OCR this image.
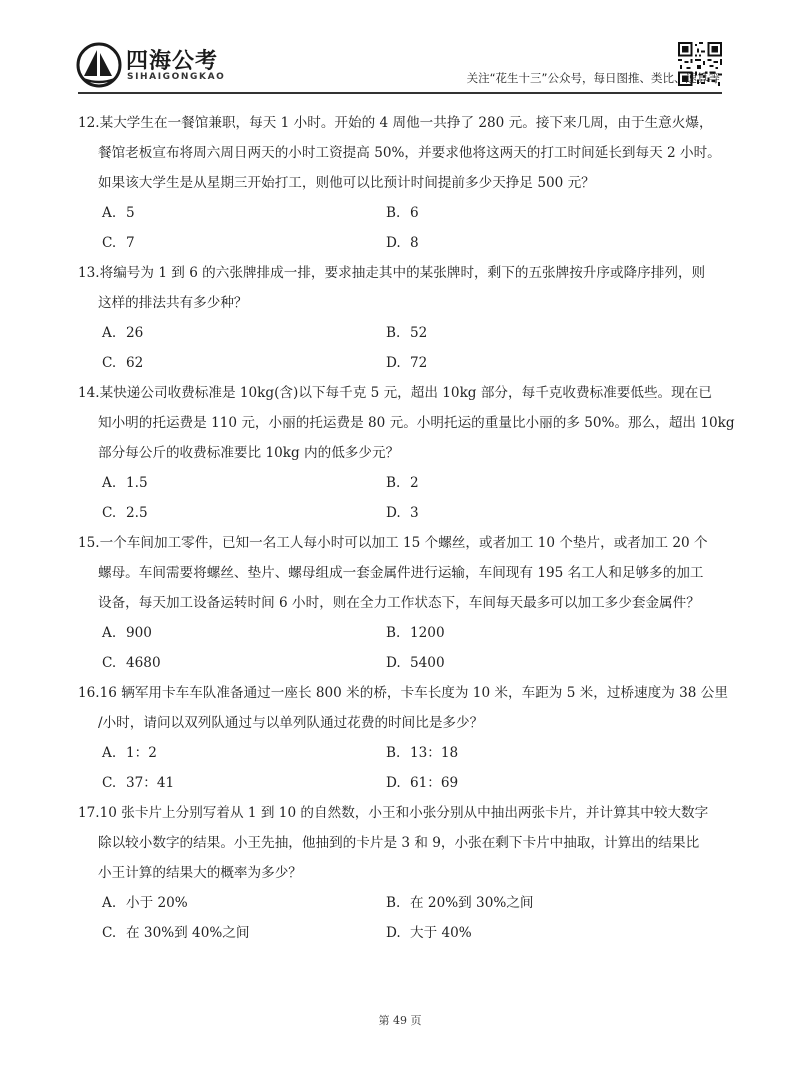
四海公考
SIHAIGONGKAO	关注“花生十三”公众号，每日图推、类比、速算等
12.某大学生在一餐馆兼职，每天 1 小时。开始的 4 周他一共挣了 280 元。接下来几周，由于生意火爆，
餐馆老板宣布将周六周日两天的小时工资提高 50%，并要求他将这两天的打工时间延长到每天 2 小时。
如果该大学生是从星期三开始打工，则他可以比预计时间提前多少天挣足 500 元？
A. 5	B. 6
C. 7	D. 8
13.将编号为 1 到 6 的六张牌排成一排，要求抽走其中的某张牌时，剩下的五张牌按升序或降序排列，则
这样的排法共有多少种？
A. 26	B. 52
C. 62	D. 72
14.某快递公司收费标准是 10kg(含)以下每千克 5 元，超出 10kg 部分，每千克收费标准要低些。现在已
知小明的托运费是 110 元，小丽的托运费是 80 元。小明托运的重量比小丽的多 50%。那么，超出 10kg
部分每公斤的收费标准要比 10kg 内的低多少元？
A. 1.5	B. 2
C. 2.5	D. 3
15.一个车间加工零件，已知一名工人每小时可以加工 15 个螺丝，或者加工 10 个垫片，或者加工 20 个
螺母。车间需要将螺丝、垫片、螺母组成一套金属件进行运输，车间现有 195 名工人和足够多的加工
设备，每天加工设备运转时间 6 小时，则在全力工作状态下，车间每天最多可以加工多少套金属件？
A. 900	B. 1200
C. 4680	D. 5400
16.16 辆军用卡车车队准备通过一座长 800 米的桥，卡车长度为 10 米，车距为 5 米，过桥速度为 38 公里
/小时，请问以双列队通过与以单列队通过花费的时间比是多少？
A. 1：2	B. 13：18
C. 37：41	D. 61：69
17.10 张卡片上分别写着从 1 到 10 的自然数，小王和小张分别从中抽出两张卡片，并计算其中较大数字
除以较小数字的结果。小王先抽，他抽到的卡片是 3 和 9，小张在剩下卡片中抽取，计算出的结果比
小王计算的结果大的概率为多少？
A. 小于 20%	B. 在 20%到 30%之间
C. 在 30%到 40%之间	D. 大于 40%
第 49 页
